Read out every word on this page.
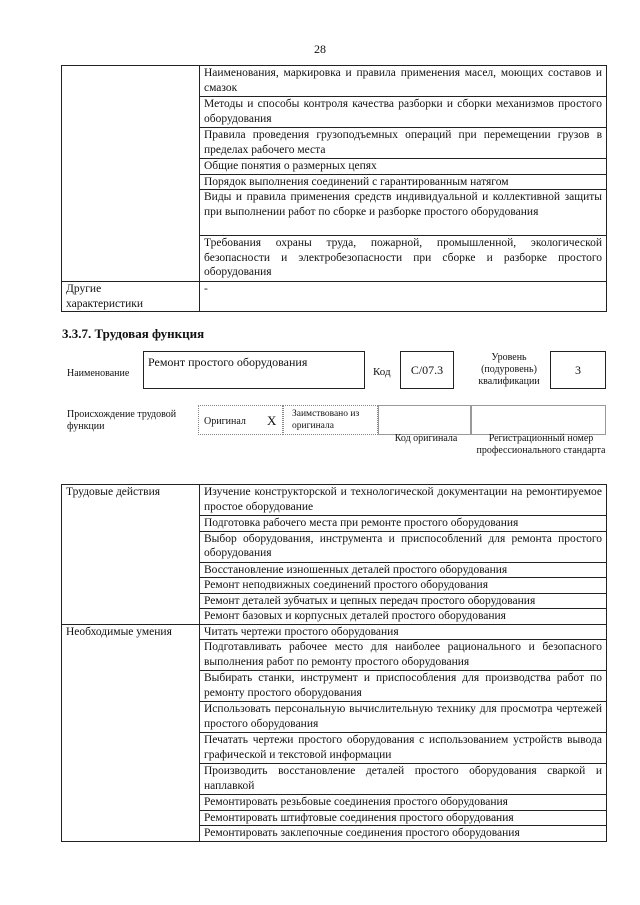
28
	Наименования, маркировка и правила применения масел, моющих составов и смазок
	Методы и способы контроля качества разборки и сборки механизмов простого оборудования
	Правила проведения грузоподъемных операций при перемещении грузов в пределах рабочего места
	Общие понятия о размерных цепях
	Порядок выполнения соединений с гарантированным натягом
	Виды и правила применения средств индивидуальной и коллективной защиты при выполнении работ по сборке и разборке простого оборудования
	Требования охраны труда, пожарной, промышленной, экологической безопасности и электробезопасности при сборке и разборке простого оборудования
Другие характеристики	-
3.3.7. Трудовая функция
Наименование
Ремонт простого оборудования
Код С/07.3
Уровень (подуровень) квалификации
3
Происхождение трудовой функции	Оригинал X Заимствовано из оригинала
Код оригинала	Регистрационный номер профессионального стандарта
Трудовые действия	Изучение конструкторской и технологической документации на ремонтируемое простое оборудование
	Подготовка рабочего места при ремонте простого оборудования
	Выбор оборудования, инструмента и приспособлений для ремонта простого оборудования
	Восстановление изношенных деталей простого оборудования
	Ремонт неподвижных соединений простого оборудования
	Ремонт деталей зубчатых и цепных передач простого оборудования
	Ремонт базовых и корпусных деталей простого оборудования
Необходимые умения	Читать чертежи простого оборудования
	Подготавливать рабочее место для наиболее рационального и безопасного выполнения работ по ремонту простого оборудования
	Выбирать станки, инструмент и приспособления для производства работ по ремонту простого оборудования
	Использовать персональную вычислительную технику для просмотра чертежей простого оборудования
	Печатать чертежи простого оборудования с использованием устройств вывода графической и текстовой информации
	Производить восстановление деталей простого оборудования сваркой и наплавкой
	Ремонтировать резьбовые соединения простого оборудования
	Ремонтировать штифтовые соединения простого оборудования
	Ремонтировать заклепочные соединения простого оборудования
